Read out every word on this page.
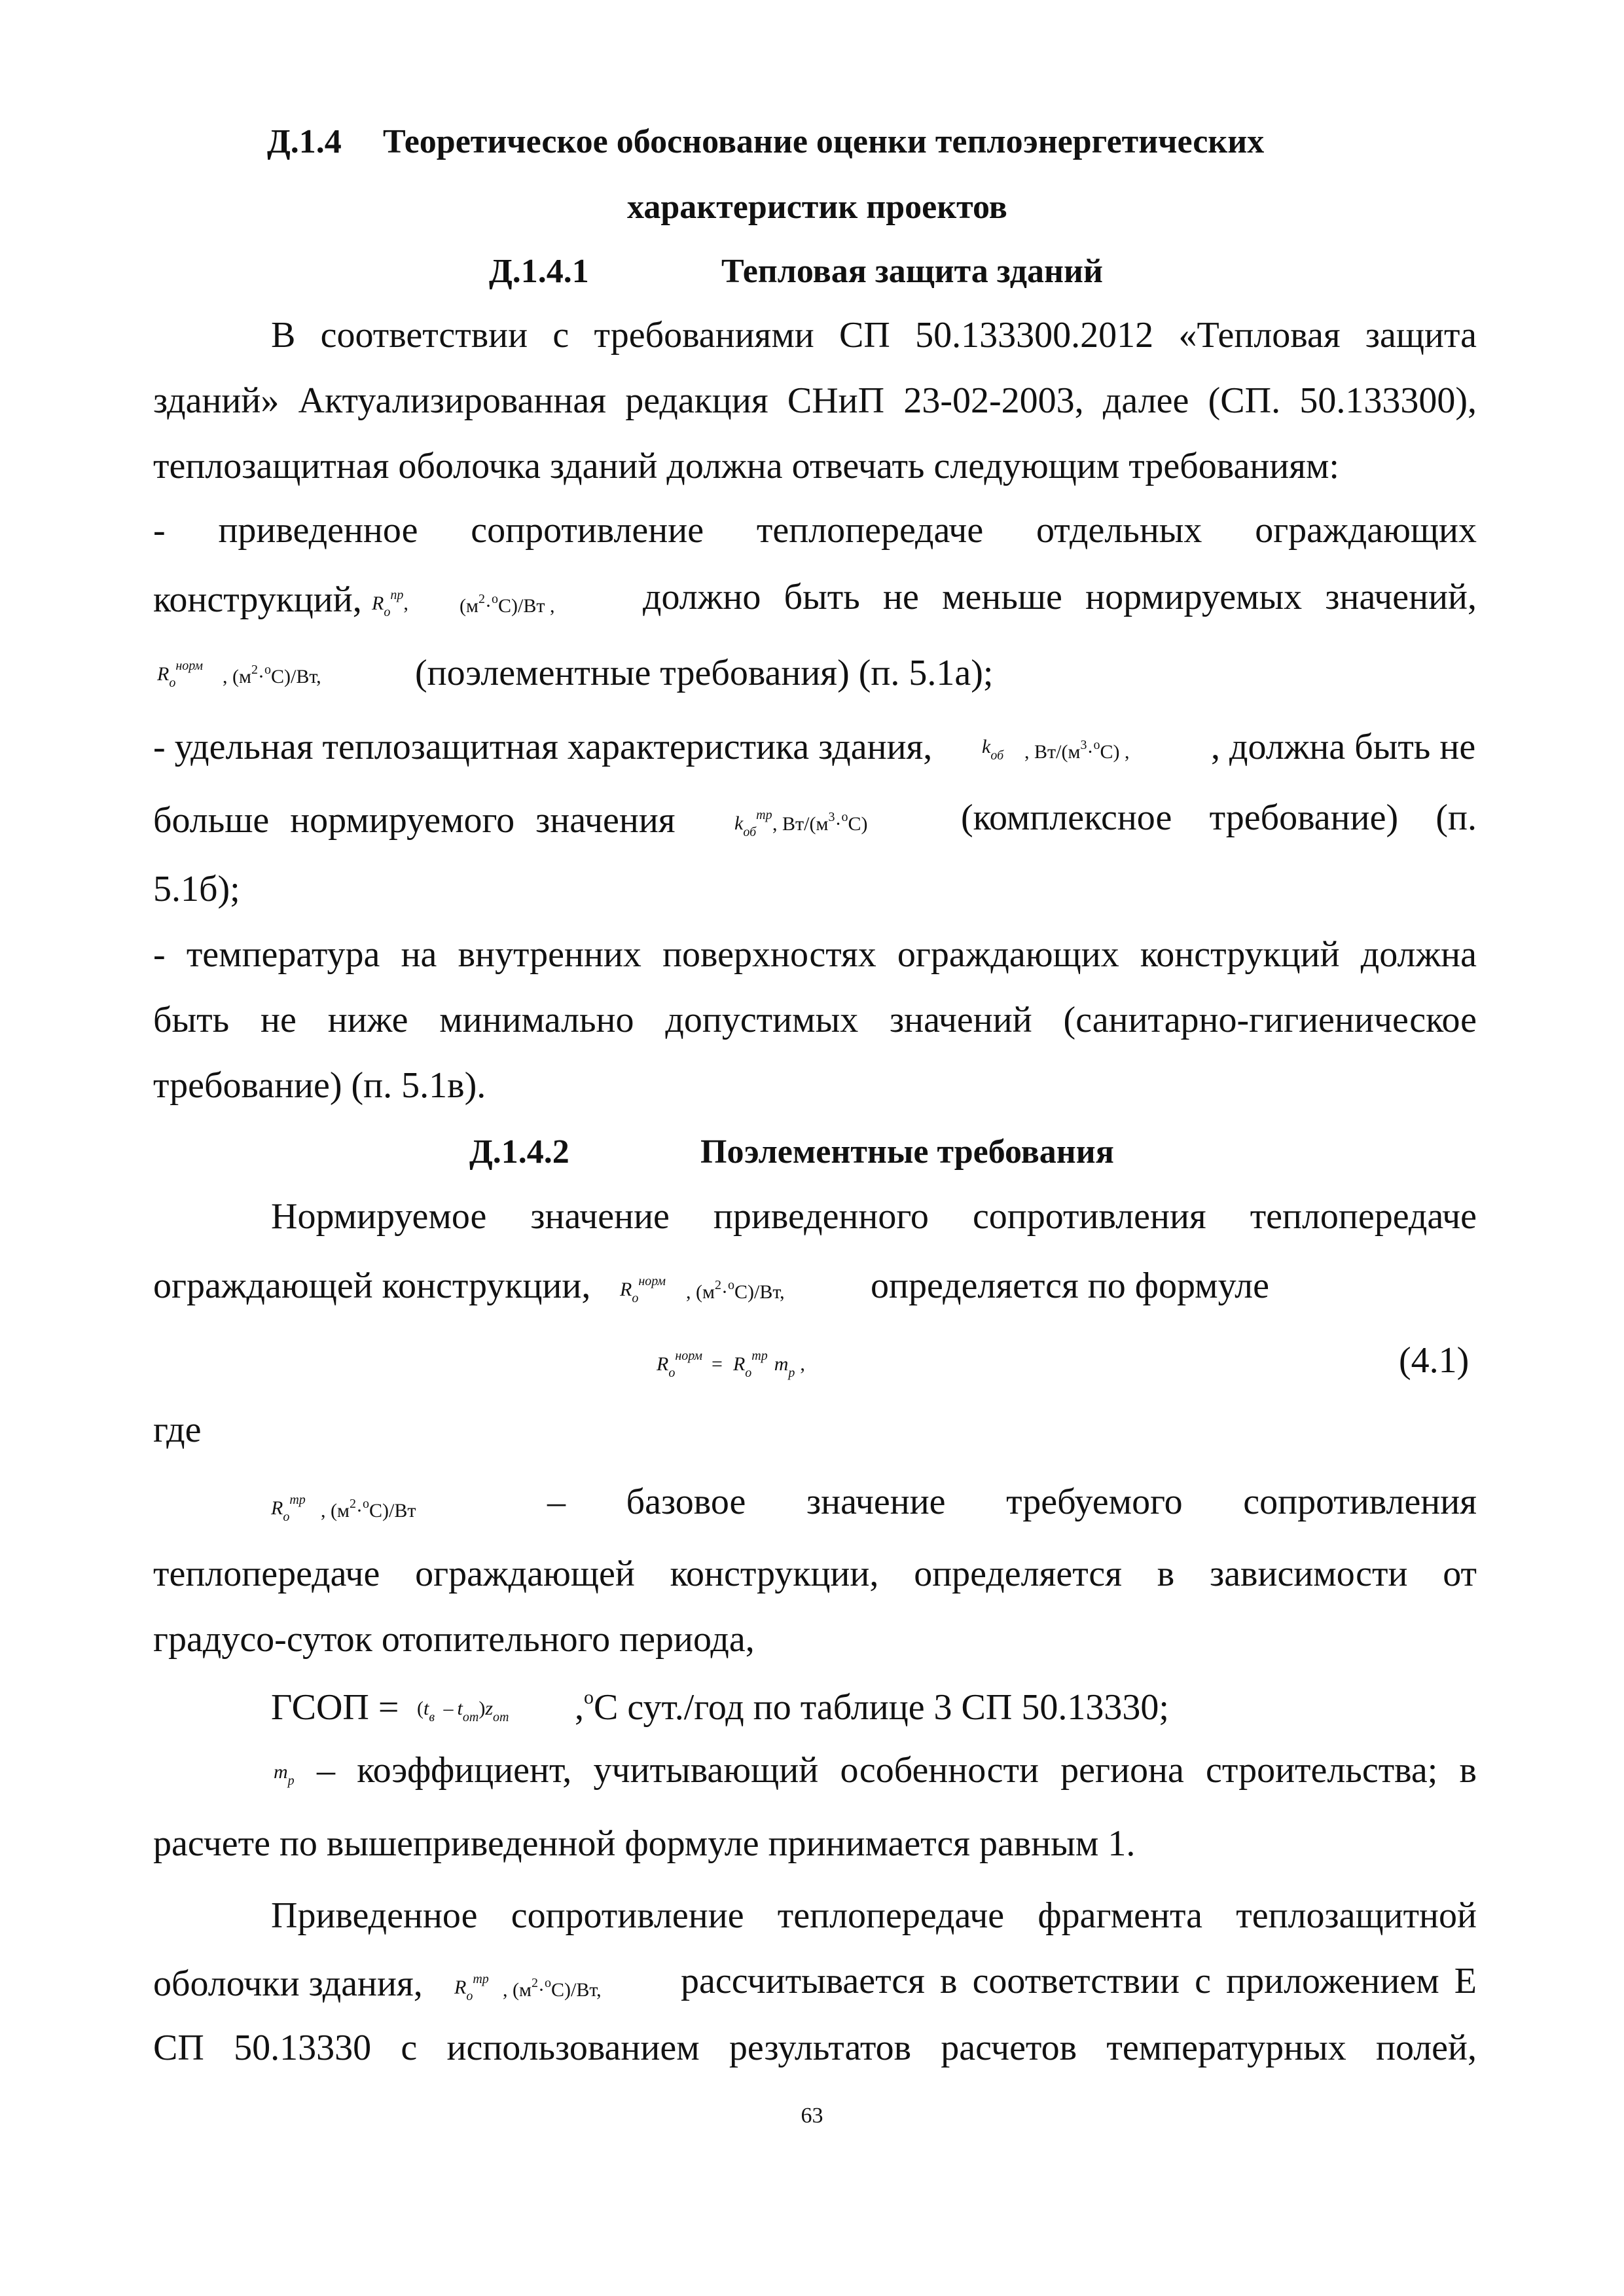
Д.1.4 Теоретическое обоснование оценки теплоэнергетических
характеристик проектов
Д.1.4.1	Тепловая защита зданий
В соответствии с требованиями СП 50.133300.2012 «Тепловая защита
зданий» Актуализированная редакция СНиП 23-02-2003, далее (СП. 50.133300),
теплозащитная оболочка зданий должна отвечать следующим требованиям:
- приведенное сопротивление теплопередаче отдельных ограждающих
конструкций, Rопр,	$(м^2\cdot^оС)/Вт$ , должно быть не меньше нормируемых значений,
Rонорм , $(м^2\cdot^оС)/Вт$,	(поэлементные требования) (п. 5.1а);
- удельная теплозащитная характеристика здания,	kоб , $Вт/(м^3\cdot^оС)$ , , должна быть не
больше нормируемого значения	kобтр , $Вт/(м^3\cdot^оС)$	(комплексное требование) (п.
5.1б);
- температура на внутренних поверхностях ограждающих конструкций должна
быть не ниже минимально допустимых значений (санитарно-гигиеническое
требование) (п. 5.1в).
Д.1.4.2	Поэлементные требования
Нормируемое значение приведенного сопротивления теплопередаче
ограждающей конструкции, Rонорм , $(м^2\cdot^оС)/Вт$, определяется по формуле
Rонорм = Rотр mр ,	(4.1)
где
Rотр , $(м^2\cdot^оС)/Вт$	– базовое значение требуемого сопротивления
теплопередаче ограждающей конструкции, определяется в зависимости от
градусо-суток отопительного периода,
ГСОП = $(t_в - t_{от})z_{от}$ ,$^о$С сут./год по таблице 3 СП 50.13330;
mр – коэффициент, учитывающий особенности региона строительства; в
расчете по вышеприведенной формуле принимается равным 1.
Приведенное сопротивление теплопередаче фрагмента теплозащитной
оболочки здания, Rотр , $(м^2\cdot^оС)/Вт$, рассчитывается в соответствии с приложением Е
СП 50.13330 с использованием результатов расчетов температурных полей,
63
